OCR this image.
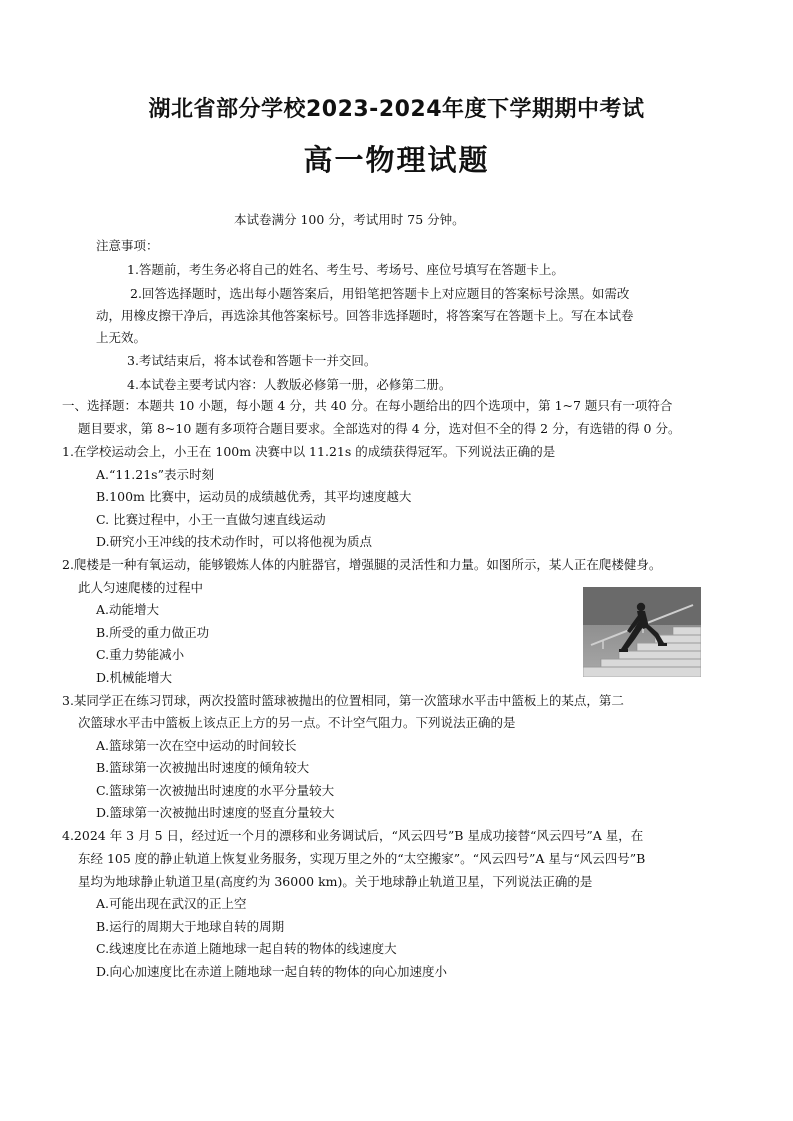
湖北省部分学校2023-2024年度下学期期中考试
高一物理试题
本试卷满分 100 分，考试用时 75 分钟。
注意事项：
1.答题前，考生务必将自己的姓名、考生号、考场号、座位号填写在答题卡上。
2.回答选择题时，选出每小题答案后，用铅笔把答题卡上对应题目的答案标号涂黑。如需改
动，用橡皮擦干净后，再选涂其他答案标号。回答非选择题时，将答案写在答题卡上。写在本试卷
上无效。
3.考试结束后，将本试卷和答题卡一并交回。
4.本试卷主要考试内容：人教版必修第一册，必修第二册。
一、选择题：本题共 10 小题，每小题 4 分，共 40 分。在每小题给出的四个选项中，第 1~7 题只有一项符合
题目要求，第 8~10 题有多项符合题目要求。全部选对的得 4 分，选对但不全的得 2 分，有选错的得 0 分。
1.在学校运动会上，小王在 100m 决赛中以 11.21s 的成绩获得冠军。下列说法正确的是
A.“11.21s”表示时刻
B.100m 比赛中，运动员的成绩越优秀，其平均速度越大
C. 比赛过程中，小王一直做匀速直线运动
D.研究小王冲线的技术动作时，可以将他视为质点
2.爬楼是一种有氧运动，能够锻炼人体的内脏器官，增强腿的灵活性和力量。如图所示，某人正在爬楼健身。
此人匀速爬楼的过程中
A.动能增大
B.所受的重力做正功
C.重力势能减小
D.机械能增大
3.某同学正在练习罚球，两次投篮时篮球被抛出的位置相同，第一次篮球水平击中篮板上的某点，第二
次篮球水平击中篮板上该点正上方的另一点。不计空气阻力。下列说法正确的是
A.篮球第一次在空中运动的时间较长
B.篮球第一次被抛出时速度的倾角较大
C.篮球第一次被抛出时速度的水平分量较大
D.篮球第一次被抛出时速度的竖直分量较大
4.2024 年 3 月 5 日，经过近一个月的漂移和业务调试后，“风云四号”B 星成功接替“风云四号”A 星，在
东经 105 度的静止轨道上恢复业务服务，实现万里之外的“太空搬家”。“风云四号”A 星与“风云四号”B
星均为地球静止轨道卫星(高度约为 36000 km)。关于地球静止轨道卫星，下列说法正确的是
A.可能出现在武汉的正上空
B.运行的周期大于地球自转的周期
C.线速度比在赤道上随地球一起自转的物体的线速度大
D.向心加速度比在赤道上随地球一起自转的物体的向心加速度小
